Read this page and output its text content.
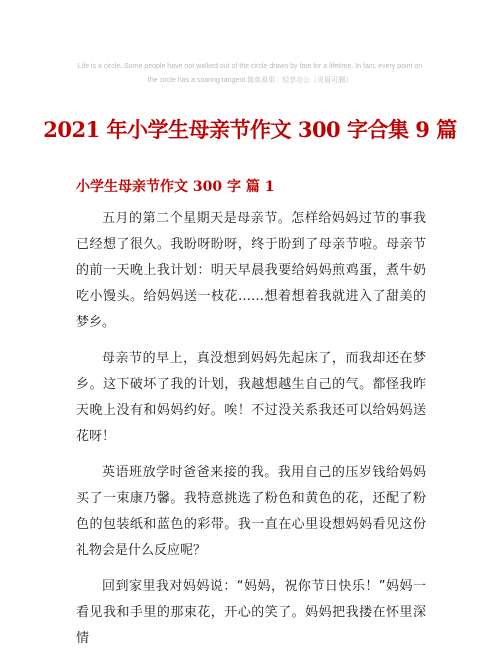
Life is a circle. Some people have not walked out of the circle drawn by fate for a lifetime. In fact, every point on
the circle has a soaring tangent.简单易用　轻享办公（页眉可删）
2021 年小学生母亲节作文 300 字合集 9 篇
小学生母亲节作文 300 字 篇 1

五月的第二个星期天是母亲节。怎样给妈妈过节的事我已经想了很久。我盼呀盼呀，终于盼到了母亲节啦。母亲节的前一天晚上我计划：明天早晨我要给妈妈煎鸡蛋，煮牛奶吃小馒头。给妈妈送一枝花……想着想着我就进入了甜美的梦乡。

母亲节的早上，真没想到妈妈先起床了，而我却还在梦乡。这下破坏了我的计划，我越想越生自己的气。都怪我昨天晚上没有和妈妈约好。唉！不过没关系我还可以给妈妈送花呀！

英语班放学时爸爸来接的我。我用自己的压岁钱给妈妈买了一束康乃馨。我特意挑选了粉色和黄色的花，还配了粉色的包装纸和蓝色的彩带。我一直在心里设想妈妈看见这份礼物会是什么反应呢？

回到家里我对妈妈说：“妈妈，祝你节日快乐！”妈妈一看见我和手里的那束花，开心的笑了。妈妈把我搂在怀里深情
